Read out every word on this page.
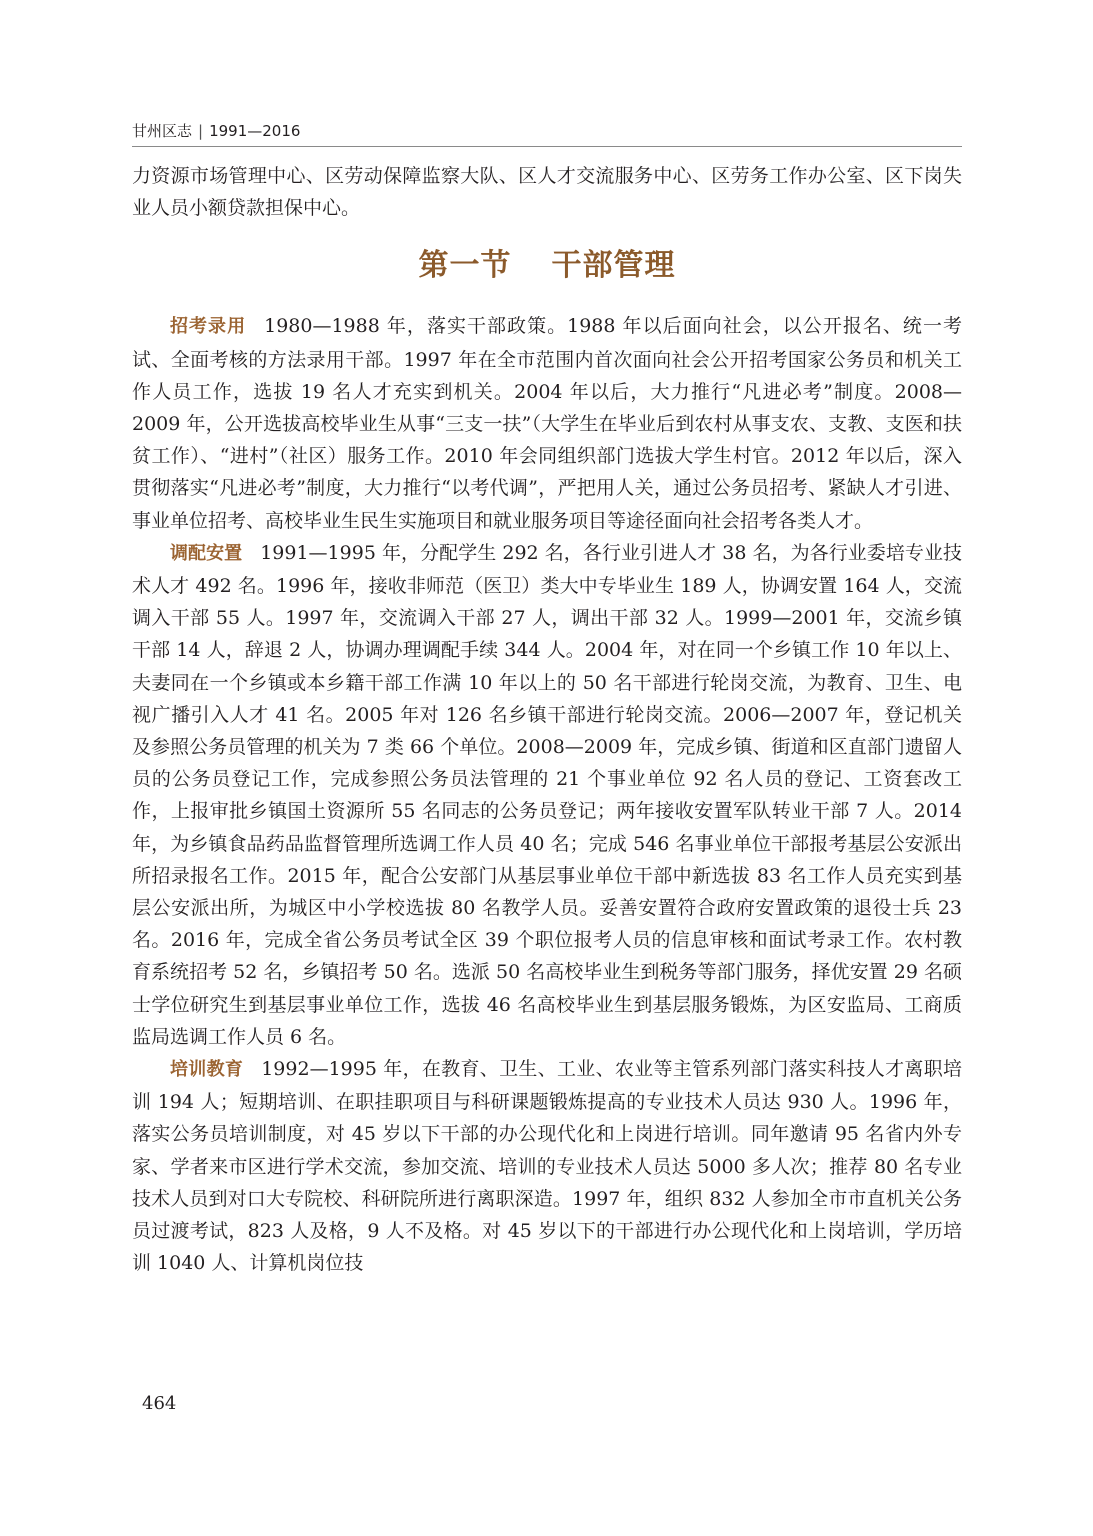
甘州区志 | 1991—2016

力资源市场管理中心、区劳动保障监察大队、区人才交流服务中心、区劳务工作办公室、区下岗失业人员小额贷款担保中心。

第一节 干部管理

招考录用 1980—1988 年，落实干部政策。1988 年以后面向社会，以公开报名、统一考试、全面考核的方法录用干部。1997 年在全市范围内首次面向社会公开招考国家公务员和机关工作人员工作，选拔 19 名人才充实到机关。2004 年以后，大力推行“凡进必考”制度。2008—2009 年，公开选拔高校毕业生从事“三支一扶”（大学生在毕业后到农村从事支农、支教、支医和扶贫工作）、“进村”（社区）服务工作。2010 年会同组织部门选拔大学生村官。2012 年以后，深入贯彻落实“凡进必考”制度，大力推行“以考代调”，严把用人关，通过公务员招考、紧缺人才引进、事业单位招考、高校毕业生民生实施项目和就业服务项目等途径面向社会招考各类人才。

调配安置 1991—1995 年，分配学生 292 名，各行业引进人才 38 名，为各行业委培专业技术人才 492 名。1996 年，接收非师范（医卫）类大中专毕业生 189 人，协调安置 164 人，交流调入干部 55 人。1997 年，交流调入干部 27 人，调出干部 32 人。1999—2001 年，交流乡镇干部 14 人，辞退 2 人，协调办理调配手续 344 人。2004 年，对在同一个乡镇工作 10 年以上、夫妻同在一个乡镇或本乡籍干部工作满 10 年以上的 50 名干部进行轮岗交流，为教育、卫生、电视广播引入人才 41 名。2005 年对 126 名乡镇干部进行轮岗交流。2006—2007 年，登记机关及参照公务员管理的机关为 7 类 66 个单位。2008—2009 年，完成乡镇、街道和区直部门遗留人员的公务员登记工作，完成参照公务员法管理的 21 个事业单位 92 名人员的登记、工资套改工作，上报审批乡镇国土资源所 55 名同志的公务员登记；两年接收安置军队转业干部 7 人。2014 年，为乡镇食品药品监督管理所选调工作人员 40 名；完成 546 名事业单位干部报考基层公安派出所招录报名工作。2015 年，配合公安部门从基层事业单位干部中新选拔 83 名工作人员充实到基层公安派出所，为城区中小学校选拔 80 名教学人员。妥善安置符合政府安置政策的退役士兵 23 名。2016 年，完成全省公务员考试全区 39 个职位报考人员的信息审核和面试考录工作。农村教育系统招考 52 名，乡镇招考 50 名。选派 50 名高校毕业生到税务等部门服务，择优安置 29 名硕士学位研究生到基层事业单位工作，选拔 46 名高校毕业生到基层服务锻炼，为区安监局、工商质监局选调工作人员 6 名。

培训教育 1992—1995 年，在教育、卫生、工业、农业等主管系列部门落实科技人才离职培训 194 人；短期培训、在职挂职项目与科研课题锻炼提高的专业技术人员达 930 人。1996 年，落实公务员培训制度，对 45 岁以下干部的办公现代化和上岗进行培训。同年邀请 95 名省内外专家、学者来市区进行学术交流，参加交流、培训的专业技术人员达 5000 多人次；推荐 80 名专业技术人员到对口大专院校、科研院所进行离职深造。1997 年，组织 832 人参加全市市直机关公务员过渡考试，823 人及格，9 人不及格。对 45 岁以下的干部进行办公现代化和上岗培训，学历培训 1040 人、计算机岗位技

464
